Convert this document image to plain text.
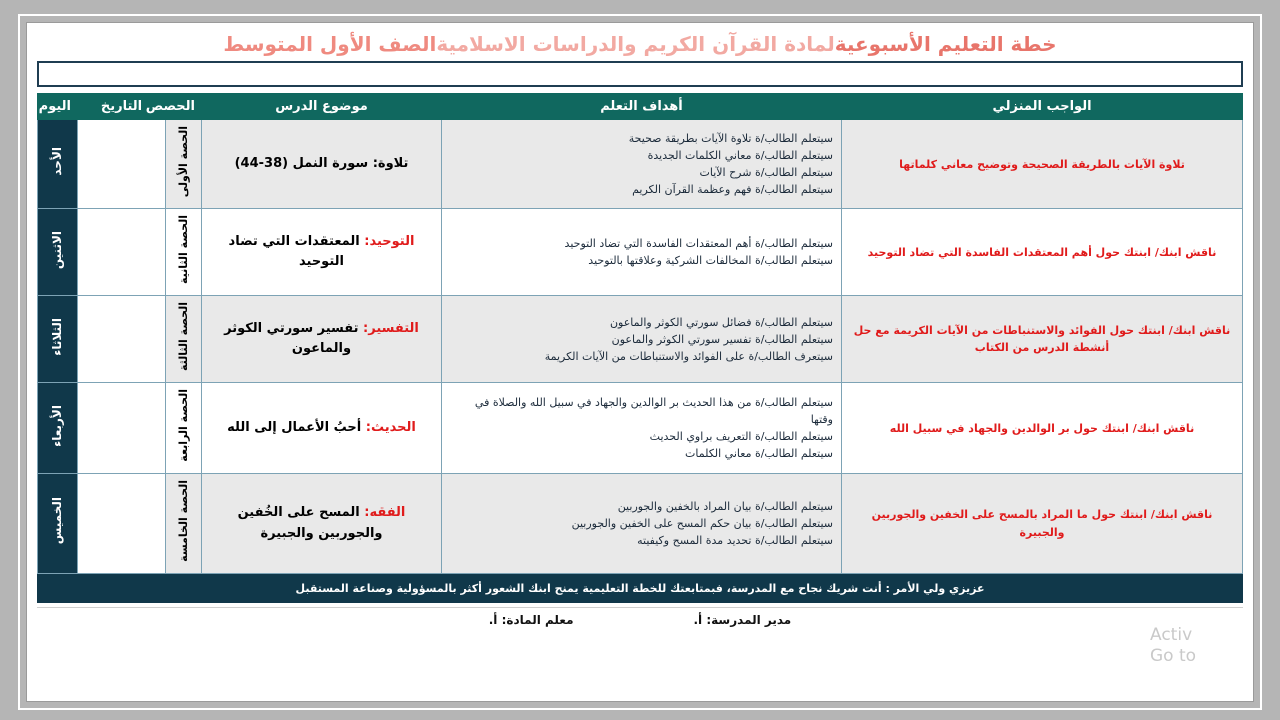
خطة التعليم الأسبوعيةلمادة القرآن الكريم والدراسات الاسلاميةالصف الأول المتوسط
الواجب المنزلي	أهداف التعلم	موضوع الدرس	الحصص	التاريخ	اليوم
تلاوة الآيات بالطريقة الصحيحة وتوضيح معاني كلماتها	سيتعلم الطالب/ة تلاوة الآيات بطريقة صحيحة
سيتعلم الطالب/ة معاني الكلمات الجديدة
سيتعلم الطالب/ة شرح الآيات
سيتعلم الطالب/ة فهم وعظمة القرآن الكريم	تلاوة: سورة النمل (38-44)	الحصة الأولى		الأحد
ناقش ابنك/ ابنتك حول أهم المعتقدات الفاسدة التي تضاد التوحيد	سيتعلم الطالب/ة أهم المعتقدات الفاسدة التي تضاد التوحيد
سيتعلم الطالب/ة المخالفات الشركية وعلاقتها بالتوحيد	التوحيد: المعتقدات التي تضاد التوحيد	الحصة الثانية		الاثنين
ناقش ابنك/ ابنتك حول الفوائد والاستنباطات من الآيات الكريمة مع حل أنشطة الدرس من الكتاب	سيتعلم الطالب/ة فضائل سورتي الكوثر والماعون
سيتعلم الطالب/ة تفسير سورتي الكوثر والماعون
سيتعرف الطالب/ة على الفوائد والاستنباطات من الآيات الكريمة	التفسير: تفسير سورتي الكوثر والماعون	الحصة الثالثة		الثلاثاء
ناقش ابنك/ ابنتك حول بر الوالدين والجهاد في سبيل الله	سيتعلم الطالب/ة من هذا الحديث بر الوالدين والجهاد في سبيل الله والصلاة في وقتها
سيتعلم الطالب/ة التعريف براوي الحديث
سيتعلم الطالب/ة معاني الكلمات	الحديث: أحبُ الأعمال إلى الله	الحصة الرابعة		الأربعاء
ناقش ابنك/ ابنتك حول ما المراد بالمسح على الخفين والجوربين والجبيرة	سيتعلم الطالب/ة بيان المراد بالخفين والجوربين
سيتعلم الطالب/ة بيان حكم المسح على الخفين والجوربين
سيتعلم الطالب/ة تحديد مدة المسح وكيفيته	الفقه: المسح على الخُفين والجوربين والجبيرة	الحصة الخامسة		الخميس
عزيزي ولي الأمر : أنت شريك نجاح مع المدرسة، فبمتابعتك للخطة التعليمية يمنح ابنك الشعور أكثر بالمسؤولية وصناعة المستقبل
مدير المدرسة: أ.
معلم المادة: أ.
Activ
Go to
